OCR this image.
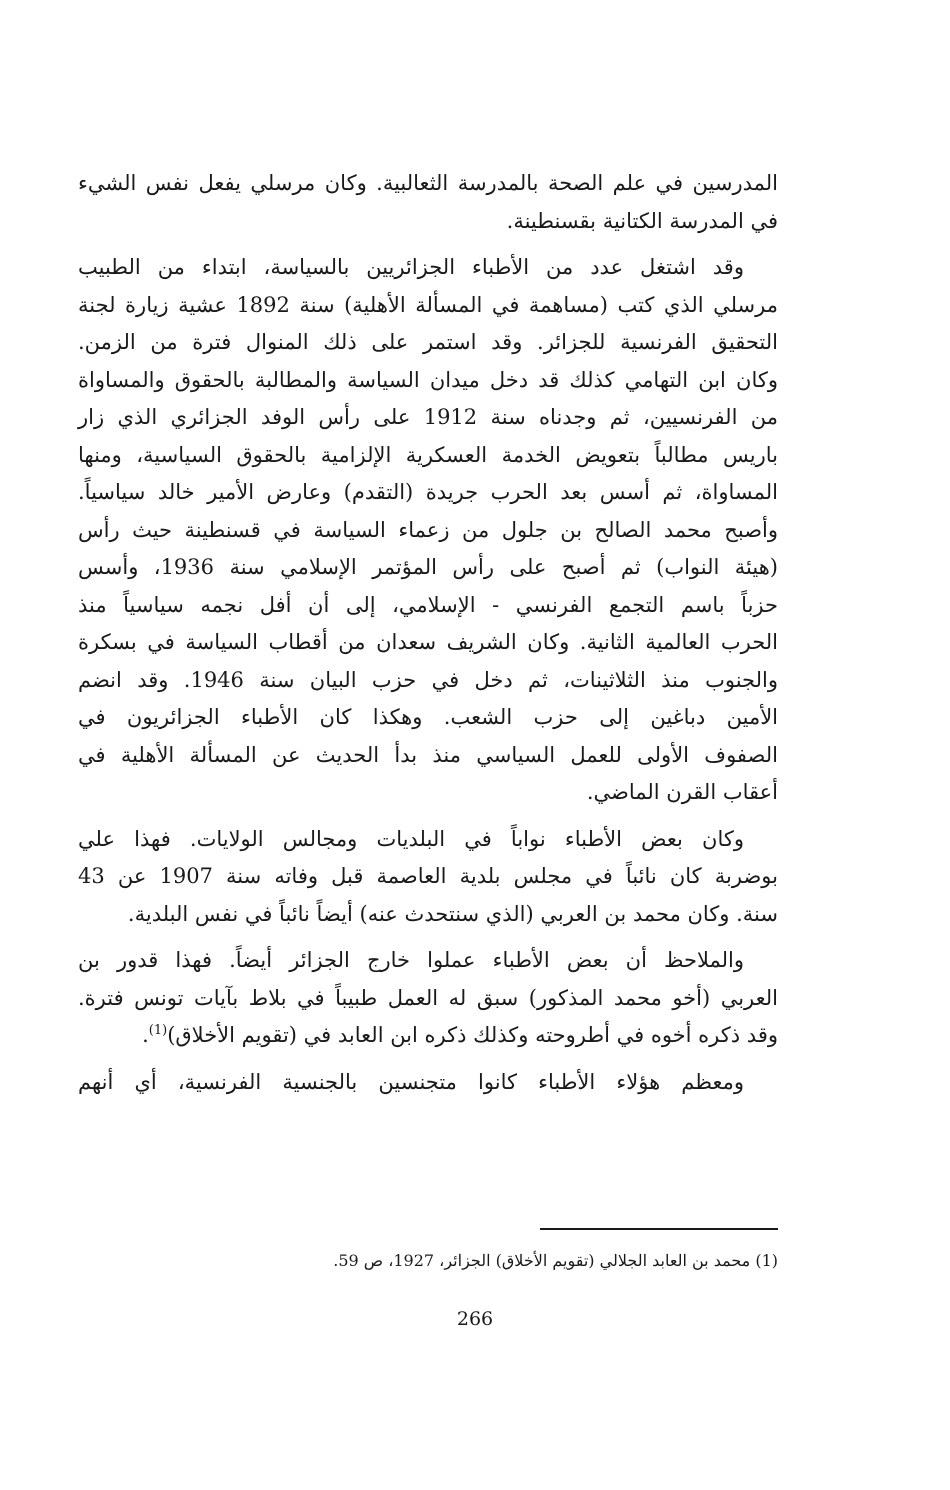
المدرسين في علم الصحة بالمدرسة الثعالبية. وكان مرسلي يفعل نفس الشيء
في المدرسة الكتانية بقسنطينة.

وقد اشتغل عدد من الأطباء الجزائريين بالسياسة، ابتداء من الطبيب
مرسلي الذي كتب (مساهمة في المسألة الأهلية) سنة 1892 عشية زيارة لجنة
التحقيق الفرنسية للجزائر. وقد استمر على ذلك المنوال فترة من الزمن.
وكان ابن التهامي كذلك قد دخل ميدان السياسة والمطالبة بالحقوق والمساواة
من الفرنسيين، ثم وجدناه سنة 1912 على رأس الوفد الجزائري الذي زار
باريس مطالباً بتعويض الخدمة العسكرية الإلزامية بالحقوق السياسية، ومنها
المساواة، ثم أسس بعد الحرب جريدة (التقدم) وعارض الأمير خالد سياسياً.
وأصبح محمد الصالح بن جلول من زعماء السياسة في قسنطينة حيث رأس
(هيئة النواب) ثم أصبح على رأس المؤتمر الإسلامي سنة 1936، وأسس
حزباً باسم التجمع الفرنسي - الإسلامي، إلى أن أفل نجمه سياسياً منذ
الحرب العالمية الثانية. وكان الشريف سعدان من أقطاب السياسة في بسكرة
والجنوب منذ الثلاثينات، ثم دخل في حزب البيان سنة 1946. وقد انضم
الأمين دباغين إلى حزب الشعب. وهكذا كان الأطباء الجزائريون في
الصفوف الأولى للعمل السياسي منذ بدأ الحديث عن المسألة الأهلية في
أعقاب القرن الماضي.

وكان بعض الأطباء نواباً في البلديات ومجالس الولايات. فهذا علي
بوضربة كان نائباً في مجلس بلدية العاصمة قبل وفاته سنة 1907 عن 43
سنة. وكان محمد بن العربي (الذي سنتحدث عنه) أيضاً نائباً في نفس البلدية.

والملاحظ أن بعض الأطباء عملوا خارج الجزائر أيضاً. فهذا قدور بن
العربي (أخو محمد المذكور) سبق له العمل طبيباً في بلاط بآيات تونس فترة.
وقد ذكره أخوه في أطروحته وكذلك ذكره ابن العابد في (تقويم الأخلاق)$^{(1)}$.

ومعظم هؤلاء الأطباء كانوا متجنسين بالجنسية الفرنسية، أي أنهم

(1) محمد بن العابد الجلالي (تقويم الأخلاق) الجزائر، 1927، ص 59.
266
